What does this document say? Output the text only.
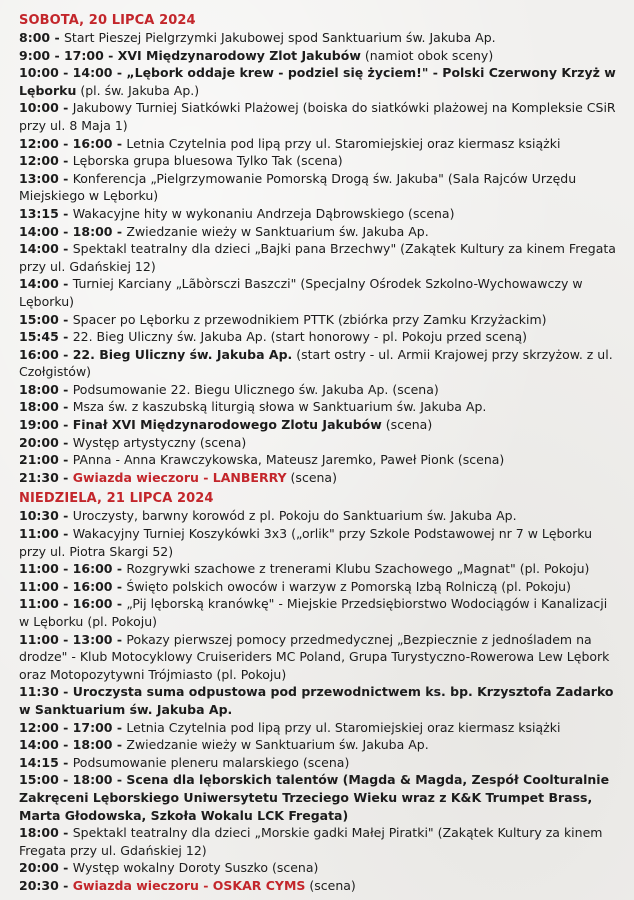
SOBOTA, 20 LIPCA 2024

8:00 - Start Pieszej Pielgrzymki Jakubowej spod Sanktuarium św. Jakuba Ap.

9:00 - 17:00 - XVI Międzynarodowy Zlot Jakubów (namiot obok sceny)

10:00 - 14:00 - „Lębork oddaje krew - podziel się życiem!" - Polski Czerwony Krzyż w Lęborku (pl. św. Jakuba Ap.)

10:00 - Jakubowy Turniej Siatkówki Plażowej (boiska do siatkówki plażowej na Kompleksie CSiR przy ul. 8 Maja 1)

12:00 - 16:00 - Letnia Czytelnia pod lipą przy ul. Staromiejskiej oraz kiermasz książki

12:00 - Lęborska grupa bluesowa Tylko Tak (scena)

13:00 - Konferencja „Pielgrzymowanie Pomorską Drogą św. Jakuba" (Sala Rajców Urzędu Miejskiego w Lęborku)

13:15 - Wakacyjne hity w wykonaniu Andrzeja Dąbrowskiego (scena)

14:00 - 18:00 - Zwiedzanie wieży w Sanktuarium św. Jakuba Ap.

14:00 - Spektakl teatralny dla dzieci „Bajki pana Brzechwy" (Zakątek Kultury za kinem Fregata przy ul. Gdańskiej 12)

14:00 - Turniej Karciany „Lãbòrsczi Baszczi" (Specjalny Ośrodek Szkolno-Wychowawczy w Lęborku)

15:00 - Spacer po Lęborku z przewodnikiem PTTK (zbiórka przy Zamku Krzyżackim)

15:45 - 22. Bieg Uliczny św. Jakuba Ap. (start honorowy - pl. Pokoju przed sceną)

16:00 - 22. Bieg Uliczny św. Jakuba Ap. (start ostry - ul. Armii Krajowej przy skrzyżow. z ul. Czołgistów)

18:00 - Podsumowanie 22. Biegu Ulicznego św. Jakuba Ap. (scena)

18:00 - Msza św. z kaszubską liturgią słowa w Sanktuarium św. Jakuba Ap.

19:00 - Finał XVI Międzynarodowego Zlotu Jakubów (scena)

20:00 - Występ artystyczny (scena)

21:00 - PAnna - Anna Krawczykowska, Mateusz Jaremko, Paweł Pionk (scena)

21:30 - Gwiazda wieczoru - LANBERRY (scena)

NIEDZIELA, 21 LIPCA 2024

10:30 - Uroczysty, barwny korowód z pl. Pokoju do Sanktuarium św. Jakuba Ap.

11:00 - Wakacyjny Turniej Koszykówki 3x3 („orlik" przy Szkole Podstawowej nr 7 w Lęborku przy ul. Piotra Skargi 52)

11:00 - 16:00 - Rozgrywki szachowe z trenerami Klubu Szachowego „Magnat" (pl. Pokoju)

11:00 - 16:00 - Święto polskich owoców i warzyw z Pomorską Izbą Rolniczą (pl. Pokoju)

11:00 - 16:00 - „Pij lęborską kranówkę" - Miejskie Przedsiębiorstwo Wodociągów i Kanalizacji w Lęborku (pl. Pokoju)

11:00 - 13:00 - Pokazy pierwszej pomocy przedmedycznej „Bezpiecznie z jednośladem na drodze" - Klub Motocyklowy Cruiseriders MC Poland, Grupa Turystyczno-Rowerowa Lew Lębork oraz Motopozytywni Trójmiasto (pl. Pokoju)

11:30 - Uroczysta suma odpustowa pod przewodnictwem ks. bp. Krzysztofa Zadarko w Sanktuarium św. Jakuba Ap.

12:00 - 17:00 - Letnia Czytelnia pod lipą przy ul. Staromiejskiej oraz kiermasz książki

14:00 - 18:00 - Zwiedzanie wieży w Sanktuarium św. Jakuba Ap.

14:15 - Podsumowanie pleneru malarskiego (scena)

15:00 - 18:00 - Scena dla lęborskich talentów (Magda & Magda, Zespół Coolturalnie Zakręceni Lęborskiego Uniwersytetu Trzeciego Wieku wraz z K&K Trumpet Brass, Marta Głodowska, Szkoła Wokalu LCK Fregata)

18:00 - Spektakl teatralny dla dzieci „Morskie gadki Małej Piratki" (Zakątek Kultury za kinem Fregata przy ul. Gdańskiej 12)

20:00 - Występ wokalny Doroty Suszko (scena)

20:30 - Gwiazda wieczoru - OSKAR CYMS (scena)
